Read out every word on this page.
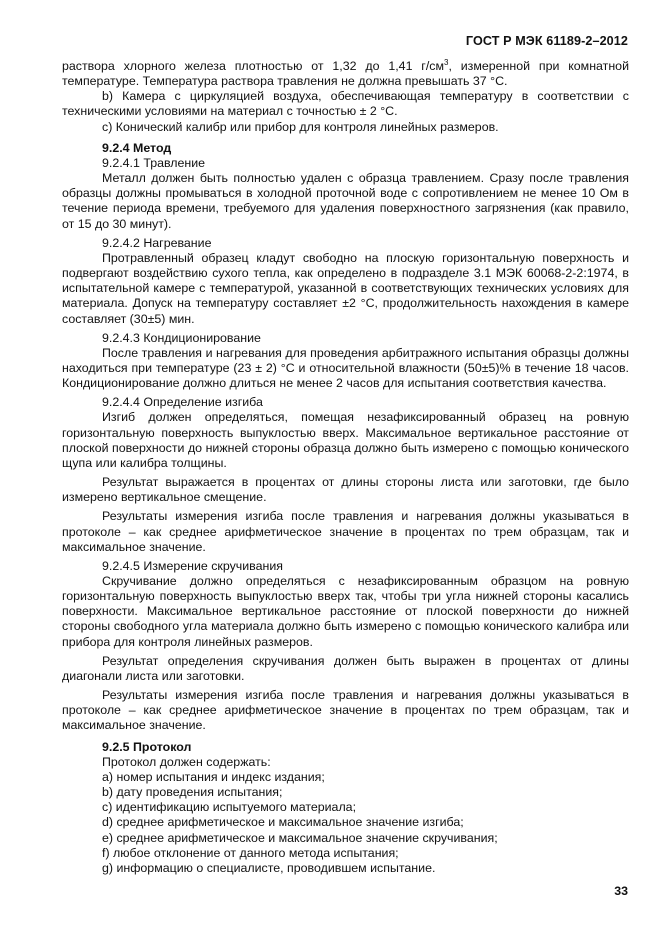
ГОСТ Р МЭК 61189-2–2012

раствора хлорного железа плотностью от 1,32 до 1,41 $г/см^3$, измеренной при комнатной температуре. Температура раствора травления не должна превышать 37 °С.

b) Камера с циркуляцией воздуха, обеспечивающая температуру в соответствии с техническими условиями на материал с точностью ± 2 °С.

c) Конический калибр или прибор для контроля линейных размеров.

9.2.4 Метод

9.2.4.1 Травление

Металл должен быть полностью удален с образца травлением. Сразу после травления образцы должны промываться в холодной проточной воде с сопротивлением не менее 10 Ом в течение периода времени, требуемого для удаления поверхностного загрязнения (как правило, от 15 до 30 минут).

9.2.4.2 Нагревание

Протравленный образец кладут свободно на плоскую горизонтальную поверхность и подвергают воздействию сухого тепла, как определено в подразделе 3.1 МЭК 60068-2-2:1974, в испытательной камере с температурой, указанной в соответствующих технических условиях для материала. Допуск на температуру составляет ±2 °С, продолжительность нахождения в камере составляет (30±5) мин.

9.2.4.3 Кондиционирование

После травления и нагревания для проведения арбитражного испытания образцы должны находиться при температуре (23 ± 2) °С и относительной влажности (50±5)% в течение 18 часов. Кондиционирование должно длиться не менее 2 часов для испытания соответствия качества.

9.2.4.4 Определение изгиба

Изгиб должен определяться, помещая незафиксированный образец на ровную горизонтальную поверхность выпуклостью вверх. Максимальное вертикальное расстояние от плоской поверхности до нижней стороны образца должно быть измерено с помощью конического щупа или калибра толщины.

Результат выражается в процентах от длины стороны листа или заготовки, где было измерено вертикальное смещение.

Результаты измерения изгиба после травления и нагревания должны указываться в протоколе – как среднее арифметическое значение в процентах по трем образцам, так и максимальное значение.

9.2.4.5 Измерение скручивания

Скручивание должно определяться с незафиксированным образцом на ровную горизонтальную поверхность выпуклостью вверх так, чтобы три угла нижней стороны касались поверхности. Максимальное вертикальное расстояние от плоской поверхности до нижней стороны свободного угла материала должно быть измерено с помощью конического калибра или прибора для контроля линейных размеров.

Результат определения скручивания должен быть выражен в процентах от длины диагонали листа или заготовки.

Результаты измерения изгиба после травления и нагревания должны указываться в протоколе – как среднее арифметическое значение в процентах по трем образцам, так и максимальное значение.

9.2.5 Протокол

Протокол должен содержать:

a) номер испытания и индекс издания;

b) дату проведения испытания;

c) идентификацию испытуемого материала;

d) среднее арифметическое и максимальное значение изгиба;

e) среднее арифметическое и максимальное значение скручивания;

f) любое отклонение от данного метода испытания;

g) информацию о специалисте, проводившем испытание.

33
